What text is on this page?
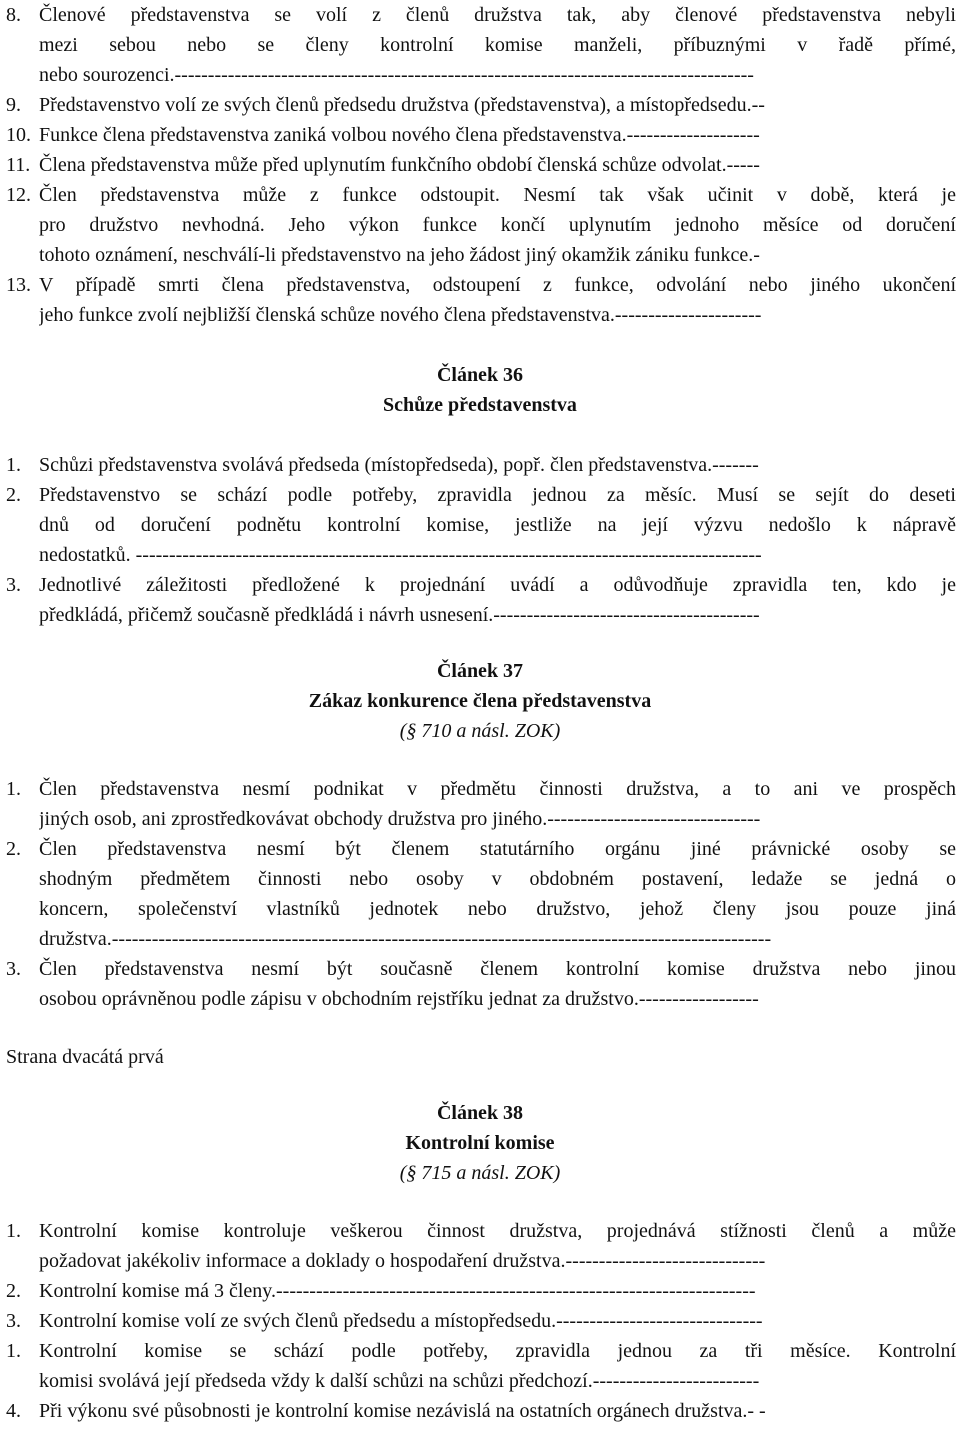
8. Členové představenstva se volí z členů družstva tak, aby členové představenstva nebyli
mezi sebou nebo se členy kontrolní komise manželi, příbuznými v řadě přímé,
nebo sourozenci.---------------------------------------------------------------------------------------
9. Představenstvo volí ze svých členů předsedu družstva (představenstva), a místopředsedu.--
10. Funkce člena představenstva zaniká volbou nového člena představenstva.--------------------
11. Člena představenstva může před uplynutím funkčního období členská schůze odvolat.-----
12. Člen představenstva může z funkce odstoupit. Nesmí tak však učinit v době, která je
pro družstvo nevhodná. Jeho výkon funkce končí uplynutím jednoho měsíce od doručení
tohoto oznámení, neschválí-li představenstvo na jeho žádost jiný okamžik zániku funkce.-
13. V případě smrti člena představenstva, odstoupení z funkce, odvolání nebo jiného ukončení
jeho funkce zvolí nejbližší členská schůze nového člena představenstva.----------------------
Článek 36
Schůze představenstva
1. Schůzi představenstva svolává předseda (místopředseda), popř. člen představenstva.-------
2. Představenstvo se schází podle potřeby, zpravidla jednou za měsíc. Musí se sejít do deseti
dnů od doručení podnětu kontrolní komise, jestliže na její výzvu nedošlo k nápravě
nedostatků. ----------------------------------------------------------------------------------------------
3. Jednotlivé záležitosti předložené k projednání uvádí a odůvodňuje zpravidla ten, kdo je
předkládá, přičemž současně předkládá i návrh usnesení.----------------------------------------
Článek 37
Zákaz konkurence člena představenstva
(§ 710 a násl. ZOK)
1. Člen představenstva nesmí podnikat v předmětu činnosti družstva, a to ani ve prospěch
jiných osob, ani zprostředkovávat obchody družstva pro jiného.--------------------------------
2. Člen představenstva nesmí být členem statutárního orgánu jiné právnické osoby se
shodným předmětem činnosti nebo osoby v obdobném postavení, ledaže se jedná o
koncern, společenství vlastníků jednotek nebo družstvo, jehož členy jsou pouze jiná
družstva.---------------------------------------------------------------------------------------------------
3. Člen představenstva nesmí být současně členem kontrolní komise družstva nebo jinou
osobou oprávněnou podle zápisu v obchodním rejstříku jednat za družstvo.------------------
Strana dvacátá prvá
Článek 38
Kontrolní komise
(§ 715 a násl. ZOK)
1. Kontrolní komise kontroluje veškerou činnost družstva, projednává stížnosti členů a může
požadovat jakékoliv informace a doklady o hospodaření družstva.------------------------------
2. Kontrolní komise má 3 členy.------------------------------------------------------------------------
3. Kontrolní komise volí ze svých členů předsedu a místopředsedu.-------------------------------
1. Kontrolní komise se schází podle potřeby, zpravidla jednou za tři měsíce. Kontrolní
komisi svolává její předseda vždy k další schůzi na schůzi předchozí.-------------------------
4. Při výkonu své působnosti je kontrolní komise nezávislá na ostatních orgánech družstva.- -
